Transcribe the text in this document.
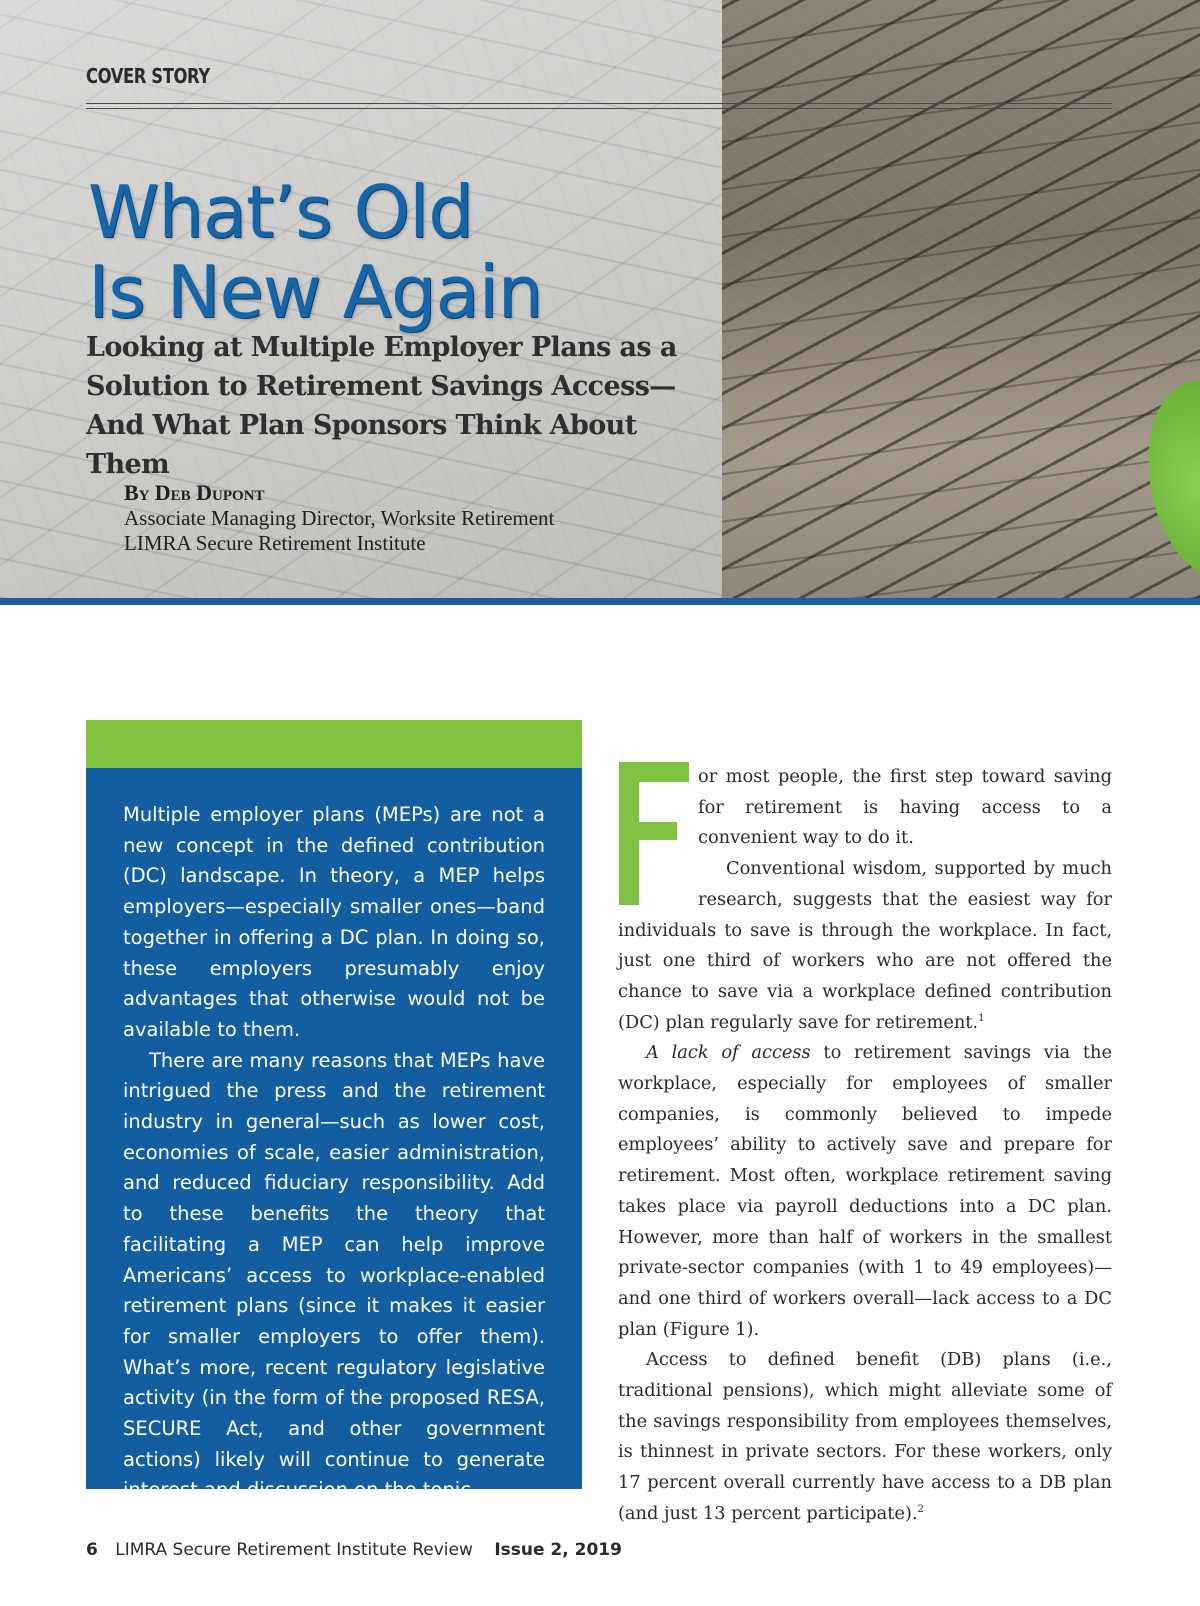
COVER STORY
What’s Old
Is New Again
Looking at Multiple Employer Plans as a Solution to Retirement Savings Access—And What Plan Sponsors Think About Them
By Deb Dupont
Associate Managing Director, Worksite Retirement
LIMRA Secure Retirement Institute

Multiple employer plans (MEPs) are not a new concept in the defined contribution (DC) landscape. In theory, a MEP helps employers—especially smaller ones—band together in offering a DC plan. In doing so, these employers presumably enjoy advantages that otherwise would not be available to them.

There are many reasons that MEPs have intrigued the press and the retirement industry in general—such as lower cost, economies of scale, easier administration, and reduced fiduciary responsibility. Add to these benefits the theory that facilitating a MEP can help improve Americans’ access to workplace-enabled retirement plans (since it makes it easier for smaller employers to offer them). What’s more, recent regulatory legislative activity (in the form of the proposed RESA, SECURE Act, and other government actions) likely will continue to generate interest and discussion on the topic.

or most people, the first step toward saving for retirement is having access to a convenient way to do it.

Conventional wisdom, supported by much research, suggests that the easiest way for individuals to save is through the workplace. In fact, just one third of workers who are not offered the chance to save via a workplace defined contribution (DC) plan regularly save for retirement.$^1$

A lack of access to retirement savings via the workplace, especially for employees of smaller companies, is commonly believed to impede employees’ ability to actively save and prepare for retirement. Most often, workplace retirement saving takes place via payroll deductions into a DC plan. However, more than half of workers in the smallest private-sector companies (with 1 to 49 employees)—and one third of workers overall—lack access to a DC plan (Figure 1).

Access to defined benefit (DB) plans (i.e., traditional pensions), which might alleviate some of the savings responsibility from employees themselves, is thinnest in private sectors. For these workers, only 17 percent overall currently have access to a DB plan (and just 13 percent participate).$^2$

6 LIMRA Secure Retirement Institute Review Issue 2, 2019
